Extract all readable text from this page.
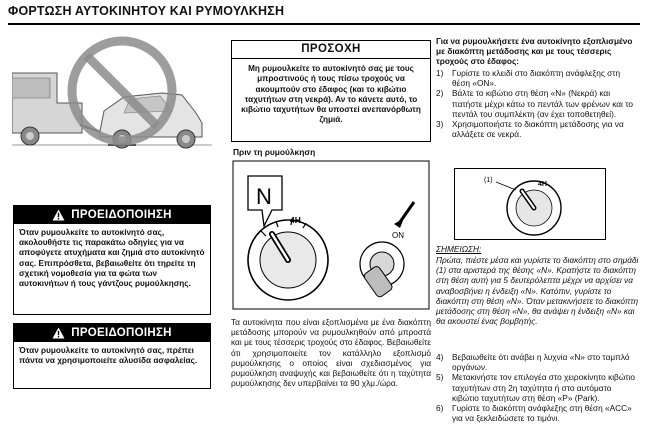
ΦΟΡΤΩΣΗ ΑΥΤΟΚΙΝΗΤΟΥ ΚΑΙ ΡΥΜΟΥΛΚΗΣΗ
ΠΡΟΕΙΔΟΠΟΙΗΣΗ
Όταν ρυμουλκείτε το αυτοκίνητό σας, ακολουθήστε τις παρακάτω οδηγίες για να αποφύγετε ατυχήματα και ζημιά στο αυτοκίνητό σας. Επιπρόσθετα, βεβαιωθείτε ότι τηρείτε τη σχετική νομοθεσία για τα φώτα των αυτοκινήτων ή τους γάντζους ρυμούλκησης.
ΠΡΟΕΙΔΟΠΟΙΗΣΗ
Όταν ρυμουλκείτε το αυτοκίνητό σας, πρέπει πάντα να χρησιμοποιείτε αλυσίδα ασφαλείας.
ΠΡΟΣΟΧΗ
Μη ρυμουλκείτε το αυτοκίνητό σας με τους μπροστινούς ή τους πίσω τροχούς να ακουμπούν στο έδαφος (και το κιβώτιο ταχυτήτων στη νεκρά). Αν το κάνετε αυτό, το κιβώτιο ταχυτήτων θα υποστεί ανεπανόρθωτη ζημιά.
Πριν τη ρυμούλκηση
4H
N
ON
Τα αυτοκίνητα που είναι εξοπλισμένα με ένα διακόπτη μετάδοσης μπορούν να ρυμουλκηθούν από μπροστά και με τους τέσσερις τροχούς στο έδαφος. Βεβαιωθείτε ότι χρησιμοποιείτε τον κατάλληλο εξοπλισμό ρυμούλκησης ο οποίος είναι σχεδιασμένος για ρυμούλκηση αναψυχής και βεβαιωθείτε ότι η ταχύτητα ρυμούλκησης δεν υπερβαίνει τα 90 χλμ./ώρα.
Για να ρυμουλκήσετε ένα αυτοκίνητο εξοπλισμένο με διακόπτη μετάδοσης και με τους τέσσερις τροχούς στο έδαφος:
1)	Γυρίστε το κλειδί στο διακόπτη ανάφλεξης στη θέση «ON».
2)	Βάλτε το κιβώτιο στη θέση «N» (Νεκρά) και πατήστε μέχρι κάτω το πεντάλ των φρένων και το πεντάλ του συμπλέκτη (αν έχει τοποθετηθεί).
3)	Χρησιμοποιήστε το διακόπτη μετάδοσης για να αλλάξετε σε νεκρά.
4H
(1)
ΣΗΜΕΙΩΣΗ:
Πρώτα, πιέστε μέσα και γυρίστε το διακόπτη στο σημάδι (1) στα αριστερά της θέσης «N». Κρατήστε το διακόπτη στη θέση αυτή για 5 δευτερόλεπτα μέχρι να αρχίσει να αναβοσβήνει η ένδειξη «N». Κατόπιν, γυρίστε το διακόπτη στη θέση «N». Όταν μετακινήσετε το διακόπτη μετάδοσης στη θέση «N», θα ανάψει η ένδειξη «N» και θα ακουστεί ένας βομβητής.
4)	Βεβαιωθείτε ότι ανάβει η λυχνία «N» στο ταμπλό οργάνων.
5)	Μετακινήστε τον επιλογέα στο χειροκίνητο κιβώτιο ταχυτήτων στη 2η ταχύτητα ή στο αυτόματο κιβώτιο ταχυτήτων στη θέση «P» (Park).
6)	Γυρίστε το διακόπτη ανάφλεξης στη θέση «ACC» για να ξεκλειδώσετε το τιμόνι.
